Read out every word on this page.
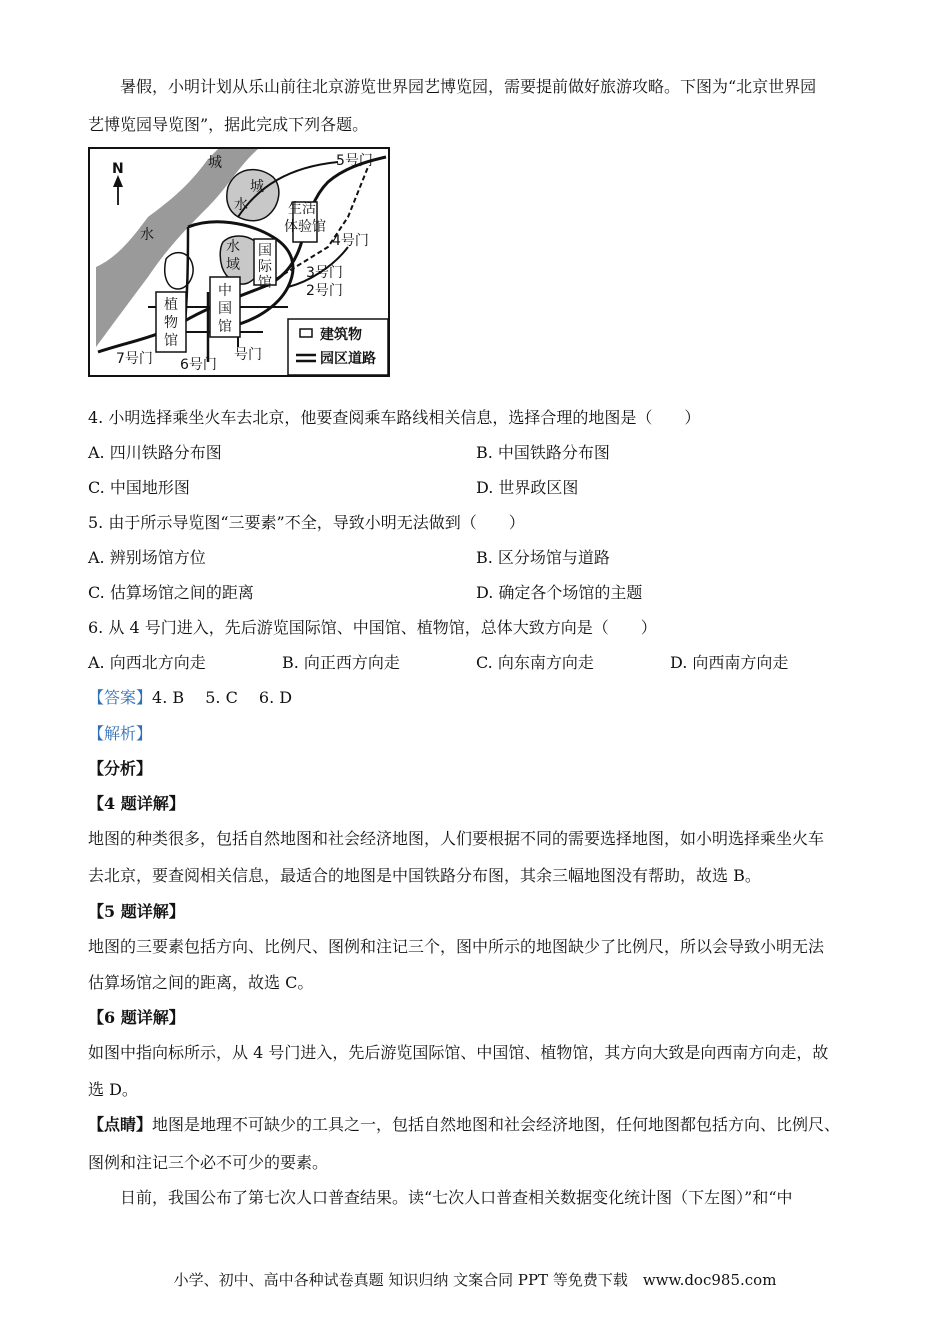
暑假，小明计划从乐山前往北京游览世界园艺博览园，需要提前做好旅游攻略。下图为“北京世界园
艺博览园导览图”，据此完成下列各题。
N	城
城
水
5号门
生活
体验馆
4号门
水
水
域
国
际
馆
3号门
2号门
中
国
馆
植
物
馆
7号门 6号门
号门
建筑物
园区道路
4. 小明选择乘坐火车去北京，他要查阅乘车路线相关信息，选择合理的地图是（　　）
A. 四川铁路分布图	B. 中国铁路分布图
C. 中国地形图	D. 世界政区图
5. 由于所示导览图“三要素”不全，导致小明无法做到（　　）
A. 辨别场馆方位	B. 区分场馆与道路
C. 估算场馆之间的距离	D. 确定各个场馆的主题
6. 从 4 号门进入，先后游览国际馆、中国馆、植物馆，总体大致方向是（　　）
A. 向西北方向走	B. 向正西方向走	C. 向东南方向走	D. 向西南方向走
【答案】4. B　 5. C　 6. D
【解析】
【分析】
【4 题详解】
地图的种类很多，包括自然地图和社会经济地图，人们要根据不同的需要选择地图，如小明选择乘坐火车
去北京，要查阅相关信息，最适合的地图是中国铁路分布图，其余三幅地图没有帮助，故选 B。
【5 题详解】
地图的三要素包括方向、比例尺、图例和注记三个，图中所示的地图缺少了比例尺，所以会导致小明无法
估算场馆之间的距离，故选 C。
【6 题详解】
如图中指向标所示，从 4 号门进入，先后游览国际馆、中国馆、植物馆，其方向大致是向西南方向走，故
选 D。
【点睛】地图是地理不可缺少的工具之一，包括自然地图和社会经济地图，任何地图都包括方向、比例尺、
图例和注记三个必不可少的要素。
日前，我国公布了第七次人口普查结果。读“七次人口普查相关数据变化统计图（下左图）”和“中
小学、初中、高中各种试卷真题 知识归纳 文案合同 PPT 等免费下载　www.doc985.com
